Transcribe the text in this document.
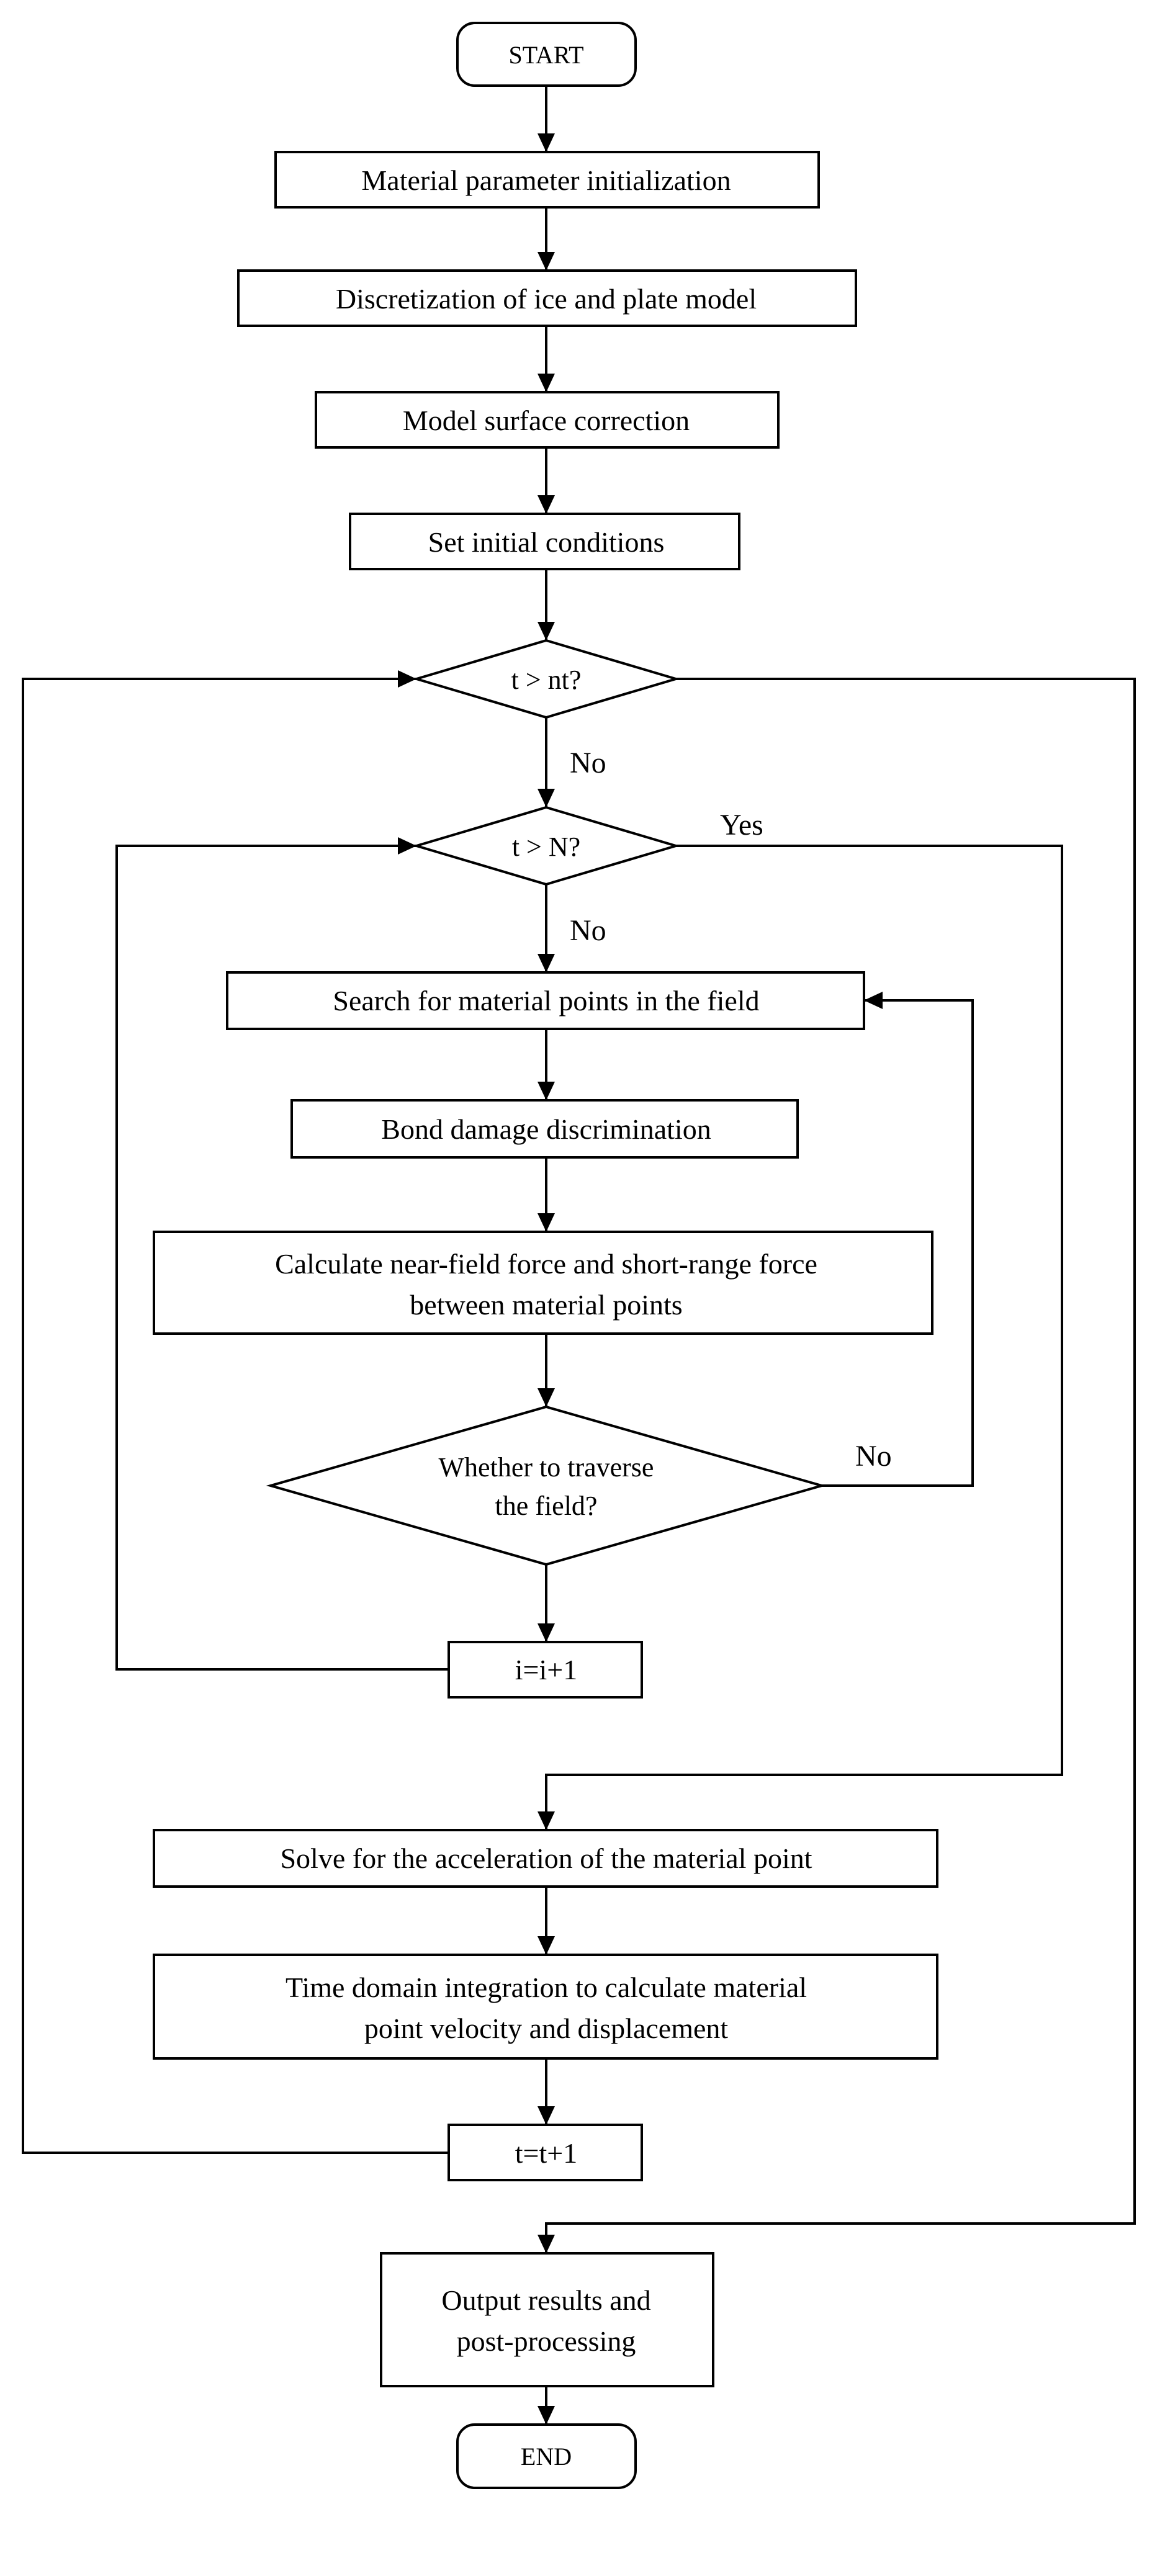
START
Material parameter initialization
Discretization of ice and plate model
Model surface correction
Set initial conditions
t > nt?
t > N?
Search for material points in the field
Bond damage discrimination
Calculate near-field force and short-range force
between material points
Whether to traverse
the field?
i=i+1
Solve for the acceleration of the material point
Time domain integration to calculate material
point velocity and displacement
t=t+1
Output results and
post-processing
END
No
Yes
No
No
